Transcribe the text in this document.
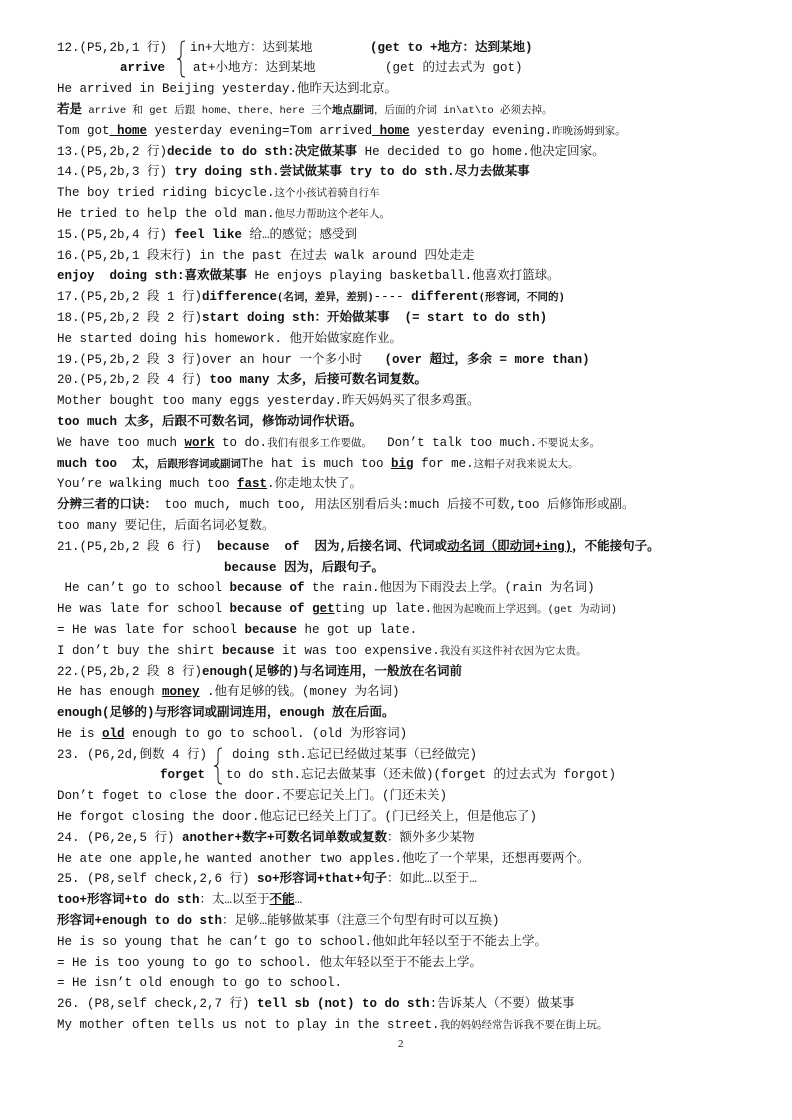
12.(P5,2b,1 行)

in+大地方：达到某地

	(get to +地方：达到某地)

arrive

at+小地方：达到某地

	(get 的过去式为 got)

He arrived in Beijing yesterday.他昨天达到北京。
若是 arrive 和 get 后跟 home、there、here 三个地点副词，后面的介词 in\at\to 必须去掉。
Tom got home yesterday evening=Tom arrived home yesterday evening.昨晚汤姆到家。
13.(P5,2b,2 行)decide to do sth:决定做某事 He decided to go home.他决定回家。
14.(P5,2b,3 行) try doing sth.尝试做某事 try to do sth.尽力去做某事
The boy tried riding bicycle.这个小孩试着骑自行车
He tried to help the old man.他尽力帮助这个老年人。
15.(P5,2b,4 行) feel like 给…的感觉；感受到
16.(P5,2b,1 段末行) in the past 在过去 walk around 四处走走
enjoy  doing sth:喜欢做某事 He enjoys playing basketball.他喜欢打篮球。
17.(P5,2b,2 段 1 行)difference(名词，差异，差别)---- different(形容词，不同的)
18.(P5,2b,2 段 2 行)start doing sth：开始做某事  (= start to do sth)
He started doing his homework. 他开始做家庭作业。
19.(P5,2b,2 段 3 行)over an hour 一个多小时   (over 超过，多余 = more than)
20.(P5,2b,2 段 4 行) too many 太多，后接可数名词复数。
Mother bought too many eggs yesterday.昨天妈妈买了很多鸡蛋。
too much 太多，后跟不可数名词，修饰动词作状语。
We have too much work to do.我们有很多工作要做。  Don’t talk too much.不要说太多。
much too  太，后跟形容词或副词The hat is much too big for me.这帽子对我来说太大。
You’re walking much too fast.你走地太快了。
分辨三者的口诀： too much, much too, 用法区别看后头:much 后接不可数,too 后修饰形或副。
too many 要记住，后面名词必复数。
21.(P5,2b,2 段 6 行)  because  of  因为,后接名词、代词或动名词（即动词+ing)，不能接句子。
because 因为，后跟句子。
He can’t go to school because of the rain.他因为下雨没去上学。(rain 为名词)
He was late for school because of getting up late.他因为起晚而上学迟到。(get 为动词)
= He was late for school because he got up late.
I don’t buy the shirt because it was too expensive.我没有买这件衬衣因为它太贵。
22.(P5,2b,2 段 8 行)enough(足够的)与名词连用，一般放在名词前
He has enough money .他有足够的钱。(money 为名词)
enough(足够的)与形容词或副词连用，enough 放在后面。
He is old enough to go to school. (old 为形容词)

23. (P6,2d,倒数 4 行)

doing sth.忘记已经做过某事（已经做完)

forget

to do sth.忘记去做某事（还未做)(forget 的过去式为 forgot)

Don’t foget to close the door.不要忘记关上门。(门还未关)
He forgot closing the door.他忘记已经关上门了。(门已经关上，但是他忘了)
24. (P6,2e,5 行) another+数字+可数名词单数或复数：额外多少某物
He ate one apple,he wanted another two apples.他吃了一个苹果，还想再要两个。
25. (P8,self check,2,6 行) so+形容词+that+句子：如此…以至于…
too+形容词+to do sth：太…以至于不能…
形容词+enough to do sth：足够…能够做某事（注意三个句型有时可以互换)
He is so young that he can’t go to school.他如此年轻以至于不能去上学。
= He is too young to go to school. 他太年轻以至于不能去上学。
= He isn’t old enough to go to school.
26. (P8,self check,2,7 行) tell sb (not) to do sth:告诉某人（不要）做某事
My mother often tells us not to play in the street.我的妈妈经常告诉我不要在街上玩。
2
